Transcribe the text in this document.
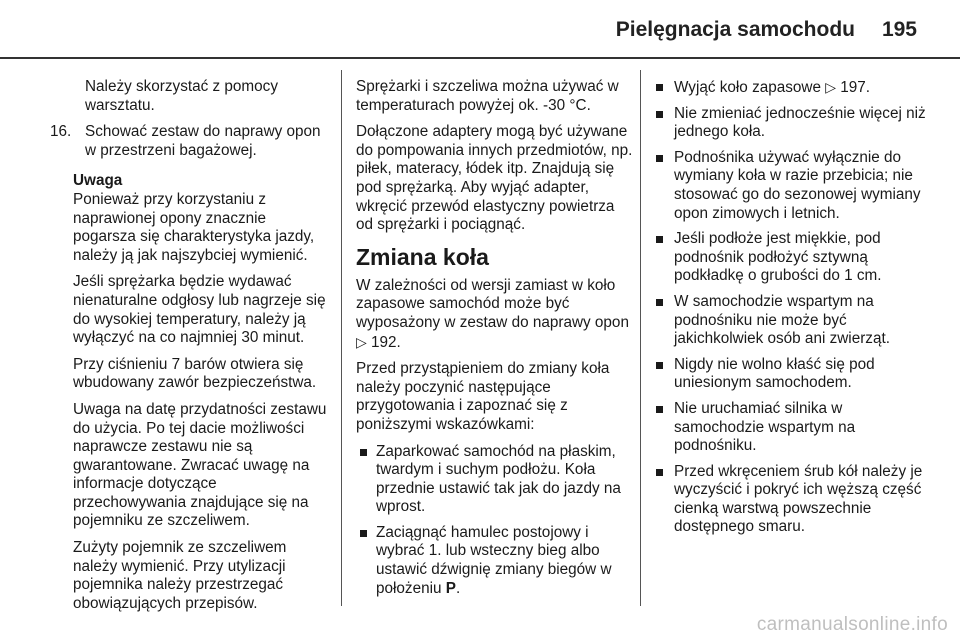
Pielęgnacja samochodu 195

Należy skorzystać z pomocy warsztatu.

16. Schować zestaw do naprawy opon w przestrzeni bagażowej.

Uwaga

Ponieważ przy korzystaniu z naprawionej opony znacznie pogarsza się charakterystyka jazdy, należy ją jak najszybciej wymienić.

Jeśli sprężarka będzie wydawać nienaturalne odgłosy lub nagrzeje się do wysokiej temperatury, należy ją wyłączyć na co najmniej 30 minut.

Przy ciśnieniu 7 barów otwiera się wbudowany zawór bezpieczeństwa.

Uwaga na datę przydatności zestawu do użycia. Po tej dacie możliwości naprawcze zestawu nie są gwarantowane. Zwracać uwagę na informacje dotyczące przechowywania znajdujące się na pojemniku ze szczeliwem.

Zużyty pojemnik ze szczeliwem należy wymienić. Przy utylizacji pojemnika należy przestrzegać obowiązujących przepisów.

Sprężarki i szczeliwa można używać w temperaturach powyżej ok. -30 °C.

Dołączone adaptery mogą być używane do pompowania innych przedmiotów, np. piłek, materacy, łódek itp. Znajdują się pod sprężarką. Aby wyjąć adapter, wkręcić przewód elastyczny powietrza od sprężarki i pociągnąć.

Zmiana koła

W zależności od wersji zamiast w koło zapasowe samochód może być wyposażony w zestaw do naprawy opon ▷ 192.

Przed przystąpieniem do zmiany koła należy poczynić następujące przygotowania i zapoznać się z poniższymi wskazówkami:

Zaparkować samochód na płaskim, twardym i suchym podłożu. Koła przednie ustawić tak jak do jazdy na wprost.
Zaciągnąć hamulec postojowy i wybrać 1. lub wsteczny bieg albo ustawić dźwignię zmiany biegów w położeniu P.
Wyjąć koło zapasowe ▷ 197.
Nie zmieniać jednocześnie więcej niż jednego koła.
Podnośnika używać wyłącznie do wymiany koła w razie przebicia; nie stosować go do sezonowej wymiany opon zimowych i letnich.
Jeśli podłoże jest miękkie, pod podnośnik podłożyć sztywną podkładkę o grubości do 1 cm.
W samochodzie wspartym na podnośniku nie może być jakichkolwiek osób ani zwierząt.
Nigdy nie wolno kłaść się pod uniesionym samochodem.
Nie uruchamiać silnika w samochodzie wspartym na podnośniku.
Przed wkręceniem śrub kół należy je wyczyścić i pokryć ich węższą część cienką warstwą powszechnie dostępnego smaru.
carmanualsonline.info
